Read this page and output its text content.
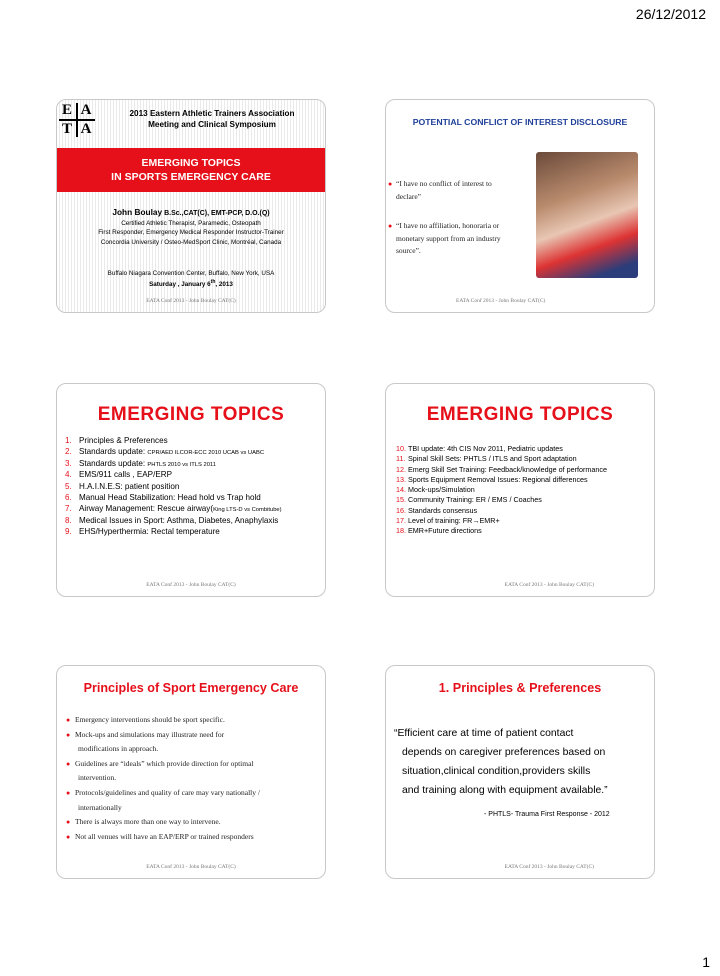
26/12/2012
E A
T A
2013 Eastern Athletic Trainers Association
Meeting and Clinical Symposium
EMERGING TOPICS
IN SPORTS EMERGENCY CARE
John Boulay B.Sc.,CAT(C), EMT-PCP, D.O.(Q)
Certified Athletic Therapist, Paramedic, Osteopath
First Responder, Emergency Medical Responder Instructor-Trainer
Concordia University / Osteo-MedSport Clinic, Montréal, Canada
Buffalo Niagara Convention Center, Buffalo, New York, USA
Saturday , January 6th, 2013
EATA Conf 2013 - John Boulay CAT(C)
POTENTIAL CONFLICT OF INTEREST DISCLOSURE
● “I have no conflict of interest to declare”
● “I have no affiliation, honoraria or monetary support from an industry source”.
EATA Conf 2013 - John Boulay CAT(C)
EMERGING TOPICS
1. Principles & Preferences
2. Standards update: CPR/AED ILCOR-ECC 2010 UCAB vs UABC
3. Standards update: PHTLS 2010 vs ITLS 2011
4. EMS/911 calls , EAP/ERP
5. H.A.I.N.E.S: patient position
6. Manual Head Stabilization: Head hold vs Trap hold
7. Airway Management: Rescue airway(King LTS-D vs Combitube)
8. Medical Issues in Sport: Asthma, Diabetes, Anaphylaxis
9. EHS/Hyperthermia: Rectal temperature
EATA Conf 2013 - John Boulay CAT(C)
EMERGING TOPICS
10. TBI update: 4th CIS Nov 2011, Pediatric updates
11. Spinal Skill Sets: PHTLS / ITLS and Sport adaptation
12. Emerg Skill Set Training: Feedback/knowledge of performance
13. Sports Equipment Removal Issues: Regional differences
14. Mock-ups/Simulation
15. Community Training: ER / EMS / Coaches
16. Standards consensus
17. Level of training: FR→EMR+
18. EMR+Future directions
EATA Conf 2013 - John Boulay CAT(C)
Principles of Sport Emergency Care
● Emergency interventions should be sport specific.
● Mock-ups and simulations may illustrate need for
modifications in approach.
● Guidelines are “ideals” which provide direction for optimal
intervention.
● Protocols/guidelines and quality of care may vary nationally /
internationally
● There is always more than one way to intervene.
● Not all venues will have an EAP/ERP or trained responders
EATA Conf 2013 - John Boulay CAT(C)
1. Principles & Preferences
“Efficient care at time of patient contact
depends on caregiver preferences based on
situation,clinical condition,providers skills
and training along with equipment available.”
- PHTLS- Trauma First Response - 2012
EATA Conf 2013 - John Boulay CAT(C)
1
